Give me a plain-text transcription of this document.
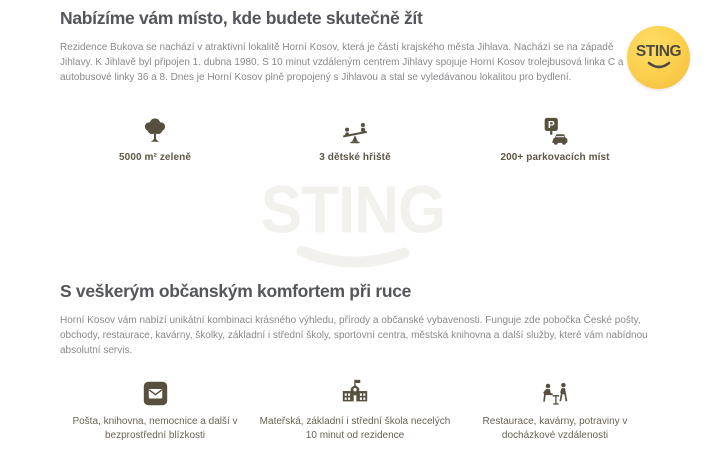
Nabízíme vám místo, kde budete skutečně žít

Rezidence Bukova se nachází v atraktivní lokalitě Horní Kosov, která je částí krajského města Jihlava. Nachází se na západě Jihlavy. K Jihlavě byl připojen 1. dubna 1980. S 10 minut vzdáleným centrem Jihlavy spojuje Horní Kosov trolejbusová linka C a autobusové linky 36 a 8. Dnes je Horní Kosov plně propojený s Jihlavou a stal se vyledávanou lokalitou pro bydlení.

STING
5000 m² zeleně	3 dětské hřiště
P
200+ parkovacích míst
STING
S veškerým občanským komfortem při ruce

Horní Kosov vám nabízí unikátní kombinaci krásného výhledu, přírody a občanské vybavenosti. Funguje zde pobočka České pošty, obchody, restaurace, kavárny, školky, základní i střední školy, sportovní centra, městská knihovna a další služby, které vám nabídnou absolutní servis.

Pošta, knihovna, nemocnice a další v bezprostřední blízkosti
Mateřská, základní i střední škola necelých 10 minut od rezidence
Restaurace, kavárny, potraviny v docházkové vzdálenosti
